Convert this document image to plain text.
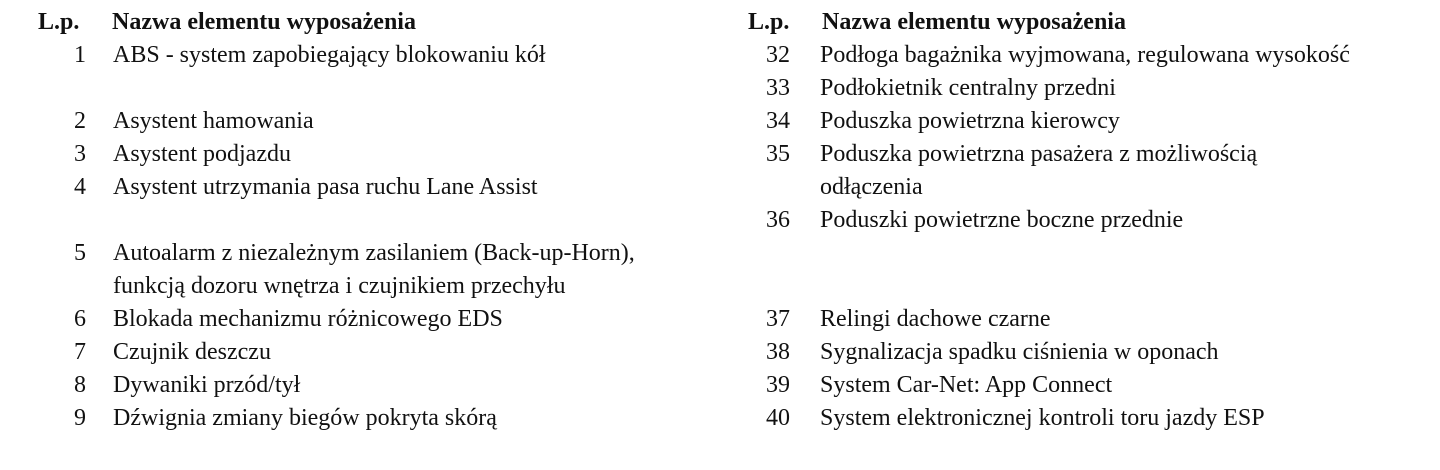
L.p.	Nazwa elementu wyposażenia
1 ABS - system zapobiegający blokowaniu kół
2 Asystent hamowania
3 Asystent podjazdu
4 Asystent utrzymania pasa ruchu Lane Assist
5 Autoalarm z niezależnym zasilaniem (Back-up-Horn), funkcją dozoru wnętrza i czujnikiem przechyłu
6 Blokada mechanizmu różnicowego EDS
7 Czujnik deszczu
8 Dywaniki przód/tył
9 Dźwignia zmiany biegów pokryta skórą
L.p.	Nazwa elementu wyposażenia
32 Podłoga bagażnika wyjmowana, regulowana wysokość
33 Podłokietnik centralny przedni
34 Poduszka powietrzna kierowcy
35 Poduszka powietrzna pasażera z możliwością odłączenia
36 Poduszki powietrzne boczne przednie
37 Relingi dachowe czarne
38 Sygnalizacja spadku ciśnienia w oponach
39 System Car-Net: App Connect
40 System elektronicznej kontroli toru jazdy ESP
